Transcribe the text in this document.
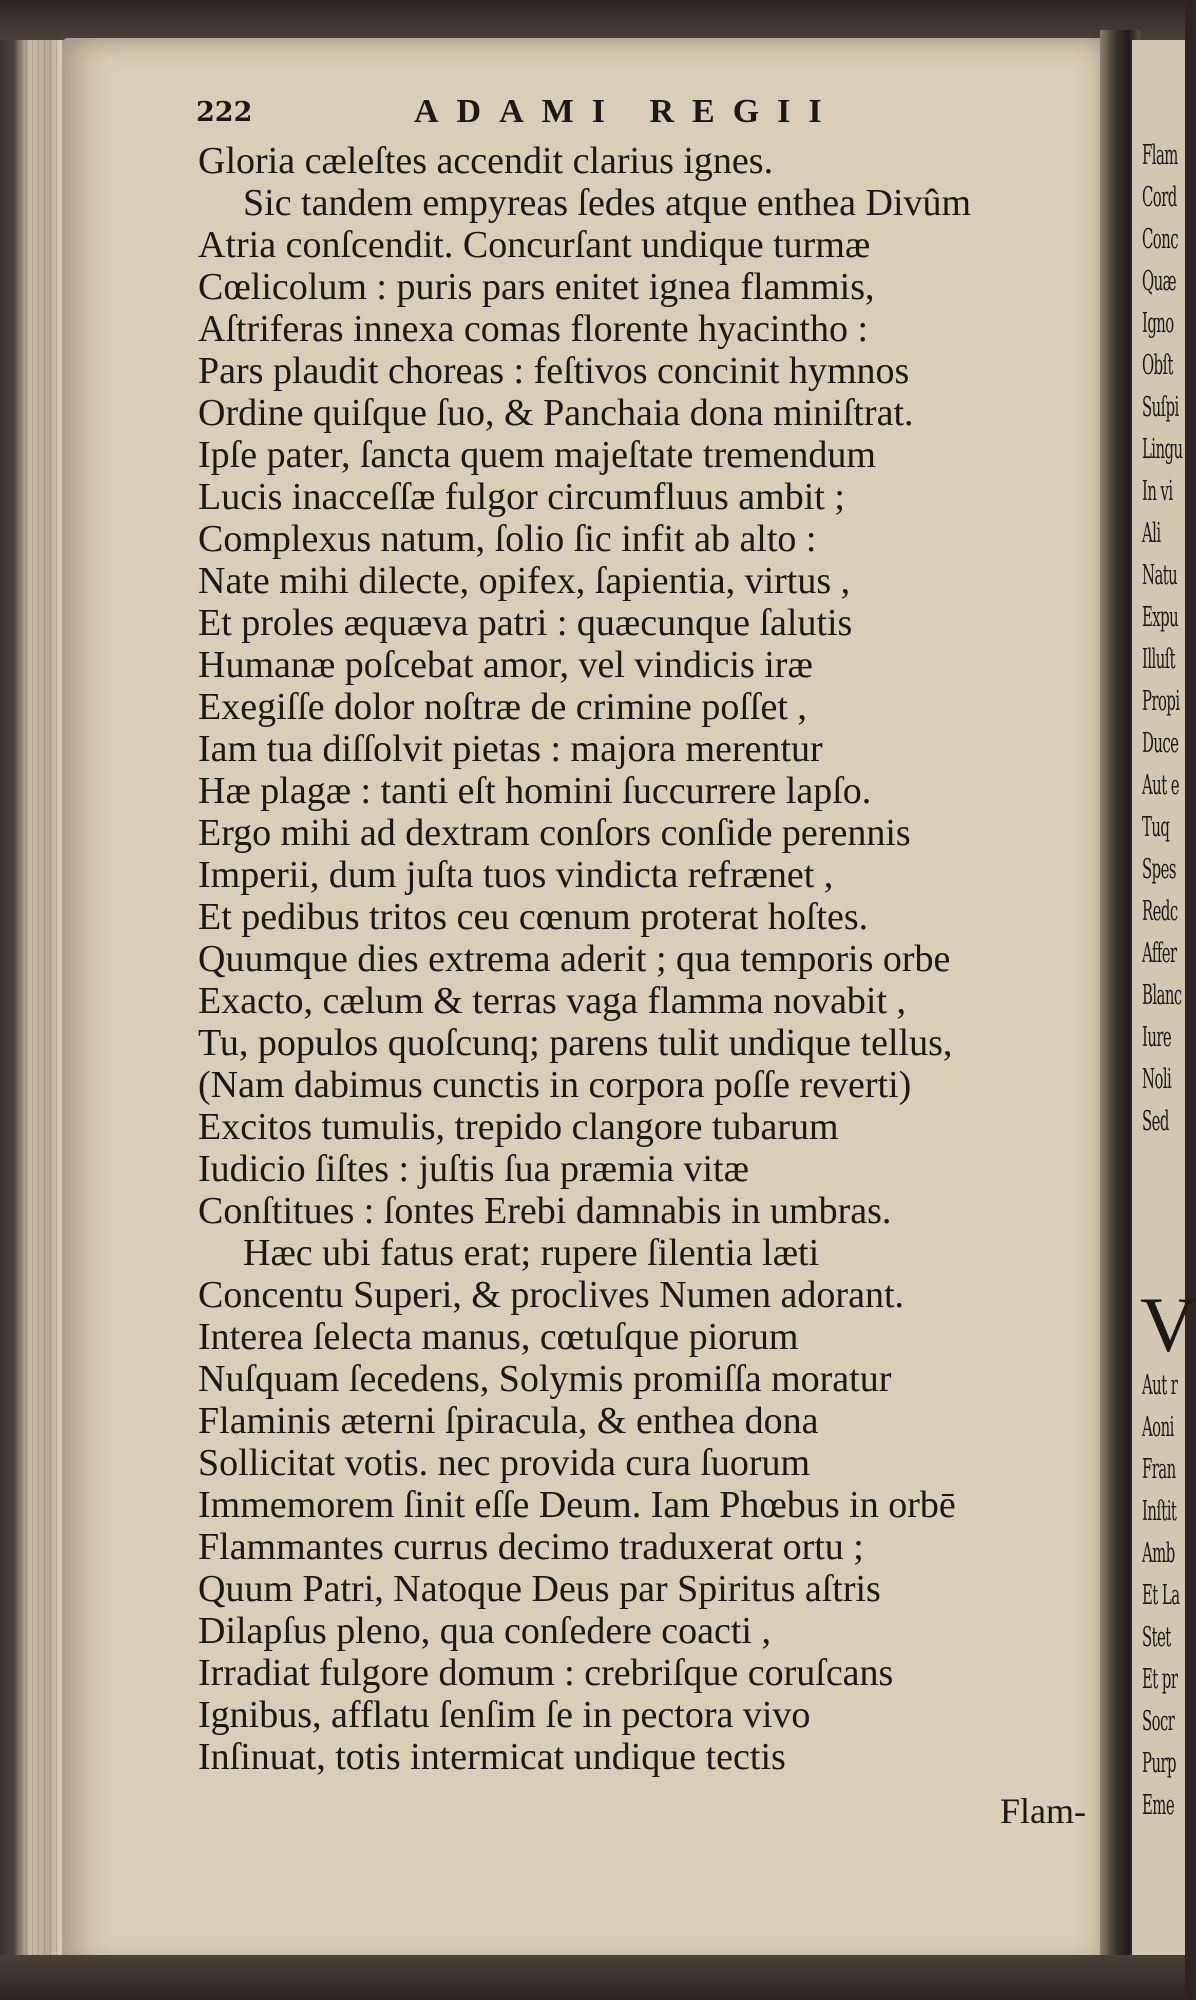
222	ADAMI REGII
Gloria cæleſtes accendit clarius ignes.
Sic tandem empyreas ſedes atque enthea Divûm
Atria conſcendit. Concurſant undique turmæ
Cœlicolum : puris pars enitet ignea flammis,
Aſtriferas innexa comas florente hyacintho :
Pars plaudit choreas : feſtivos concinit hymnos
Ordine quiſque ſuo, & Panchaia dona miniſtrat.
Ipſe pater, ſancta quem majeſtate tremendum
Lucis inacceſſæ fulgor circumfluus ambit ;
Complexus natum, ſolio ſic infit ab alto :
Nate mihi dilecte, opifex, ſapientia, virtus ,
Et proles æquæva patri : quæcunque ſalutis
Humanæ poſcebat amor, vel vindicis iræ
Exegiſſe dolor noſtræ de crimine poſſet ,
Iam tua diſſolvit pietas : majora merentur
Hæ plagæ : tanti eſt homini ſuccurrere lapſo.
Ergo mihi ad dextram conſors conſide perennis
Imperii, dum juſta tuos vindicta refrænet ,
Et pedibus tritos ceu cœnum proterat hoſtes.
Quumque dies extrema aderit ; qua temporis orbe
Exacto, cælum & terras vaga flamma novabit ,
Tu, populos quoſcunq; parens tulit undique tellus,
(Nam dabimus cunctis in corpora poſſe reverti)
Excitos tumulis, trepido clangore tubarum
Iudicio ſiſtes : juſtis ſua præmia vitæ
Conſtitues : ſontes Erebi damnabis in umbras.
Hæc ubi fatus erat; rupere ſilentia læti
Concentu Superi, & proclives Numen adorant.
Interea ſelecta manus, cœtuſque piorum
Nuſquam ſecedens, Solymis promiſſa moratur
Flaminis æterni ſpiracula, & enthea dona
Sollicitat votis. nec provida cura ſuorum
Immemorem ſinit eſſe Deum. Iam Phœbus in orbē
Flammantes currus decimo traduxerat ortu ;
Quum Patri, Natoque Deus par Spiritus aſtris
Dilapſus pleno, qua conſedere coacti ,
Irradiat fulgore domum : crebriſque coruſcans
Ignibus, afflatu ſenſim ſe in pectora vivo
Inſinuat, totis intermicat undique tectis
Flam-
Flam
Cord
Conc
Quæ
Igno
Obſt
Suſpi
Lingu
In vi
Ali
Natu
Expu
Illuſt
Propi
Duce
Aut e
Tuq
Spes
Redc
Affer
Blanc
Iure
Noli
Sed
V
Aut r
Aoni
Fran
Inſtit
Amb
Et La
Stet
Et pr
Socr
Purp
Eme
